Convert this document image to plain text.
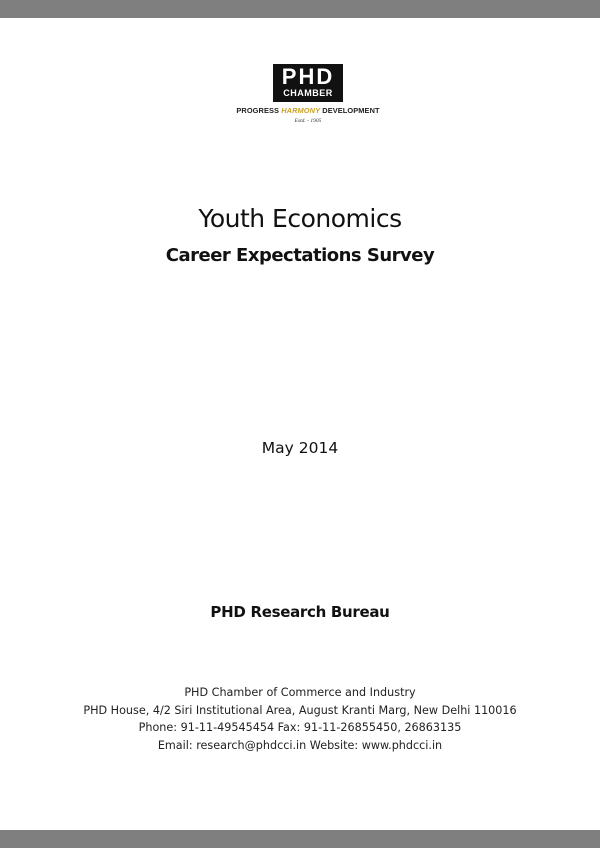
PHD
CHAMBER
PROGRESS HARMONY DEVELOPMENT
Estd. - 1905
Youth Economics
Career Expectations Survey
May 2014
PHD Research Bureau
PHD Chamber of Commerce and Industry
PHD House, 4/2 Siri Institutional Area, August Kranti Marg, New Delhi 110016
Phone: 91-11-49545454 Fax: 91-11-26855450, 26863135
Email: research@phdcci.in Website: www.phdcci.in
